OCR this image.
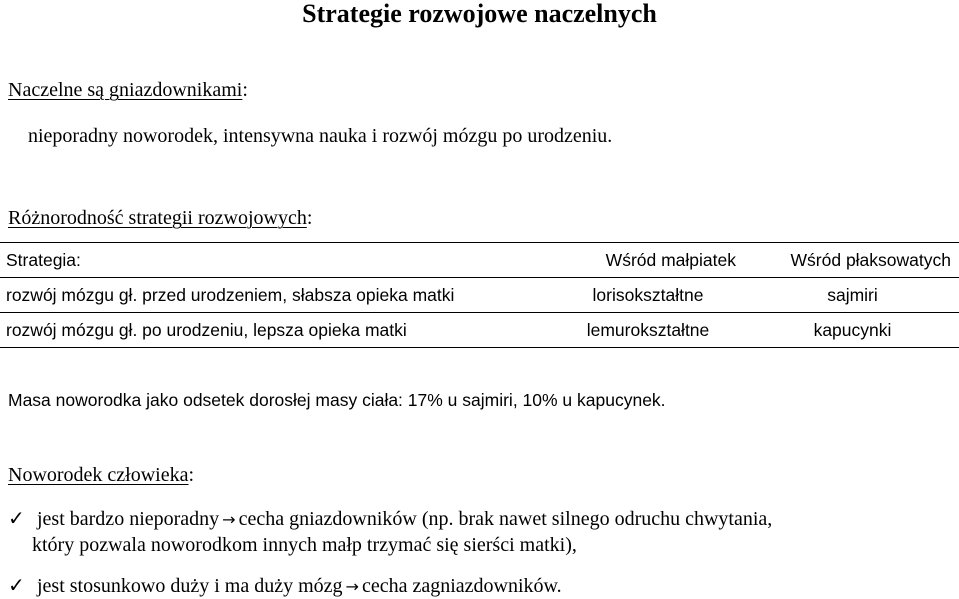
Strategie rozwojowe naczelnych
Naczelne są gniazdownikami:
nieporadny noworodek, intensywna nauka i rozwój mózgu po urodzeniu.
Różnorodność strategii rozwojowych:
Strategia:	Wśród małpiatek	Wśród płaksowatych
rozwój mózgu gł. przed urodzeniem, słabsza opieka matki	lorisokształtne	sajmiri
rozwój mózgu gł. po urodzeniu, lepsza opieka matki	lemurokształtne	kapucynki
Masa noworodka jako odsetek dorosłej masy ciała: 17% u sajmiri, 10% u kapucynek.
Noworodek człowieka:
✓ jest bardzo nieporadny → cecha gniazdowników (np. brak nawet silnego odruchu chwytania,
który pozwala noworodkom innych małp trzymać się sierści matki),
✓ jest stosunkowo duży i ma duży mózg → cecha zagniazdowników.
